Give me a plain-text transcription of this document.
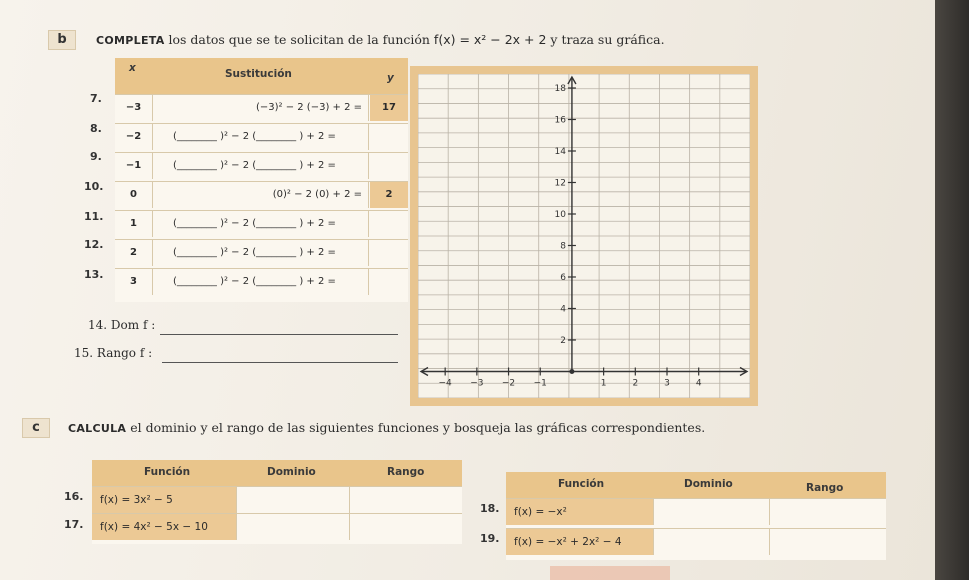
b	COMPLETA los datos que se te solicitan de la función f(x) = x² − 2x + 2 y traza su gráfica.
7.
8.
9.
10.
11.
12.
13.
x	Sustitución	y
−3	(−3)² − 2 (−3) + 2 =	17
−2	(________ )² − 2 (________ ) + 2 =
−1	(________ )² − 2 (________ ) + 2 =
0	(0)² − 2 (0) + 2 =	2
1	(________ )² − 2 (________ ) + 2 =
2	(________ )² − 2 (________ ) + 2 =
3	(________ )² − 2 (________ ) + 2 =
14. Dom f :
15. Rango f :
18
16
14
12
10
8
6
4
2
−4 −3 −2 −1	1	2	3	4
c	CALCULA el dominio y el rango de las siguientes funciones y bosqueja las gráficas correspondientes.
16.
17.
Función	Dominio	Rango
f(x) = 3x² − 5
f(x) = 4x² − 5x − 10
18.
19.
Función	Dominio	Rango
f(x) = −x²
f(x) = −x² + 2x² − 4
